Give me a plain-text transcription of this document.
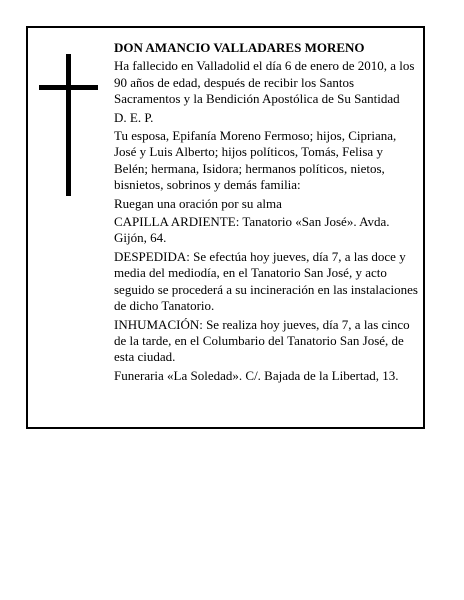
DON AMANCIO VALLADARES MORENO

Ha fallecido en Valladolid el día 6 de enero de 2010, a los 90 años de edad, después de recibir los Santos Sacramentos y la Bendición Apostólica de Su Santidad

D. E. P.

Tu esposa, Epifanía Moreno Fermoso; hijos, Cipriana, José y Luis Alberto; hijos políticos, Tomás, Felisa y Belén; hermana, Isidora; hermanos políticos, nietos, bisnietos, sobrinos y demás familia:

Ruegan una oración por su alma

CAPILLA ARDIENTE: Tanatorio «San José». Avda. Gijón, 64.

DESPEDIDA: Se efectúa hoy jueves, día 7, a las doce y media del mediodía, en el Tanatorio San José, y acto seguido se procederá a su incineración en las instalaciones de dicho Tanatorio.

INHUMACIÓN: Se realiza hoy jueves, día 7, a las cinco de la tarde, en el Columbario del Tanatorio San José, de esta ciudad.

Funeraria «La Soledad». C/. Bajada de la Libertad, 13.
